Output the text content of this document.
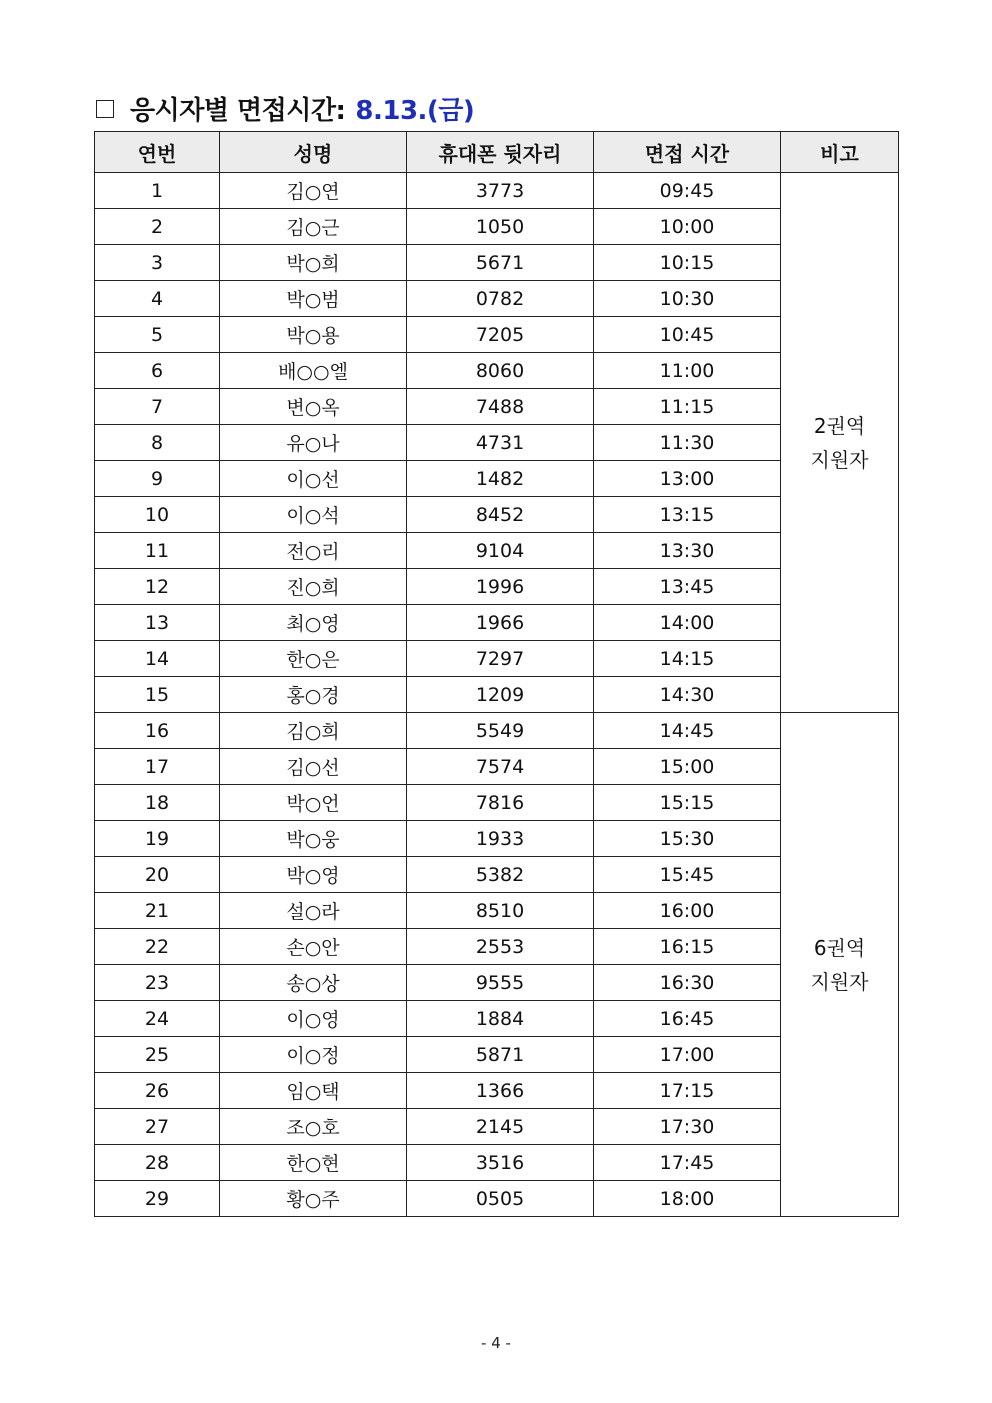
응시자별 면접시간: 8.13.(금)
연번	성명	휴대폰 뒷자리	면접 시간	비고
1	김○연	3773	09:45	2권역
지원자

2	김○근	1050	10:00	
3	박○희	5671	10:15	
4	박○범	0782	10:30	
5	박○용	7205	10:45	
6	배○○엘	8060	11:00	
7	변○옥	7488	11:15	
8	유○나	4731	11:30	
9	이○선	1482	13:00	
10	이○석	8452	13:15	
11	전○리	9104	13:30	
12	진○희	1996	13:45	
13	최○영	1966	14:00	
14	한○은	7297	14:15	
15	홍○경	1209	14:30	
16	김○희	5549	14:45	6권역
지원자

17	김○선	7574	15:00	
18	박○언	7816	15:15	
19	박○웅	1933	15:30	
20	박○영	5382	15:45	
21	설○라	8510	16:00	
22	손○안	2553	16:15	
23	송○상	9555	16:30	
24	이○영	1884	16:45	
25	이○정	5871	17:00	
26	임○택	1366	17:15	
27	조○호	2145	17:30	
28	한○현	3516	17:45	
29	황○주	0505	18:00	
- 4 -
